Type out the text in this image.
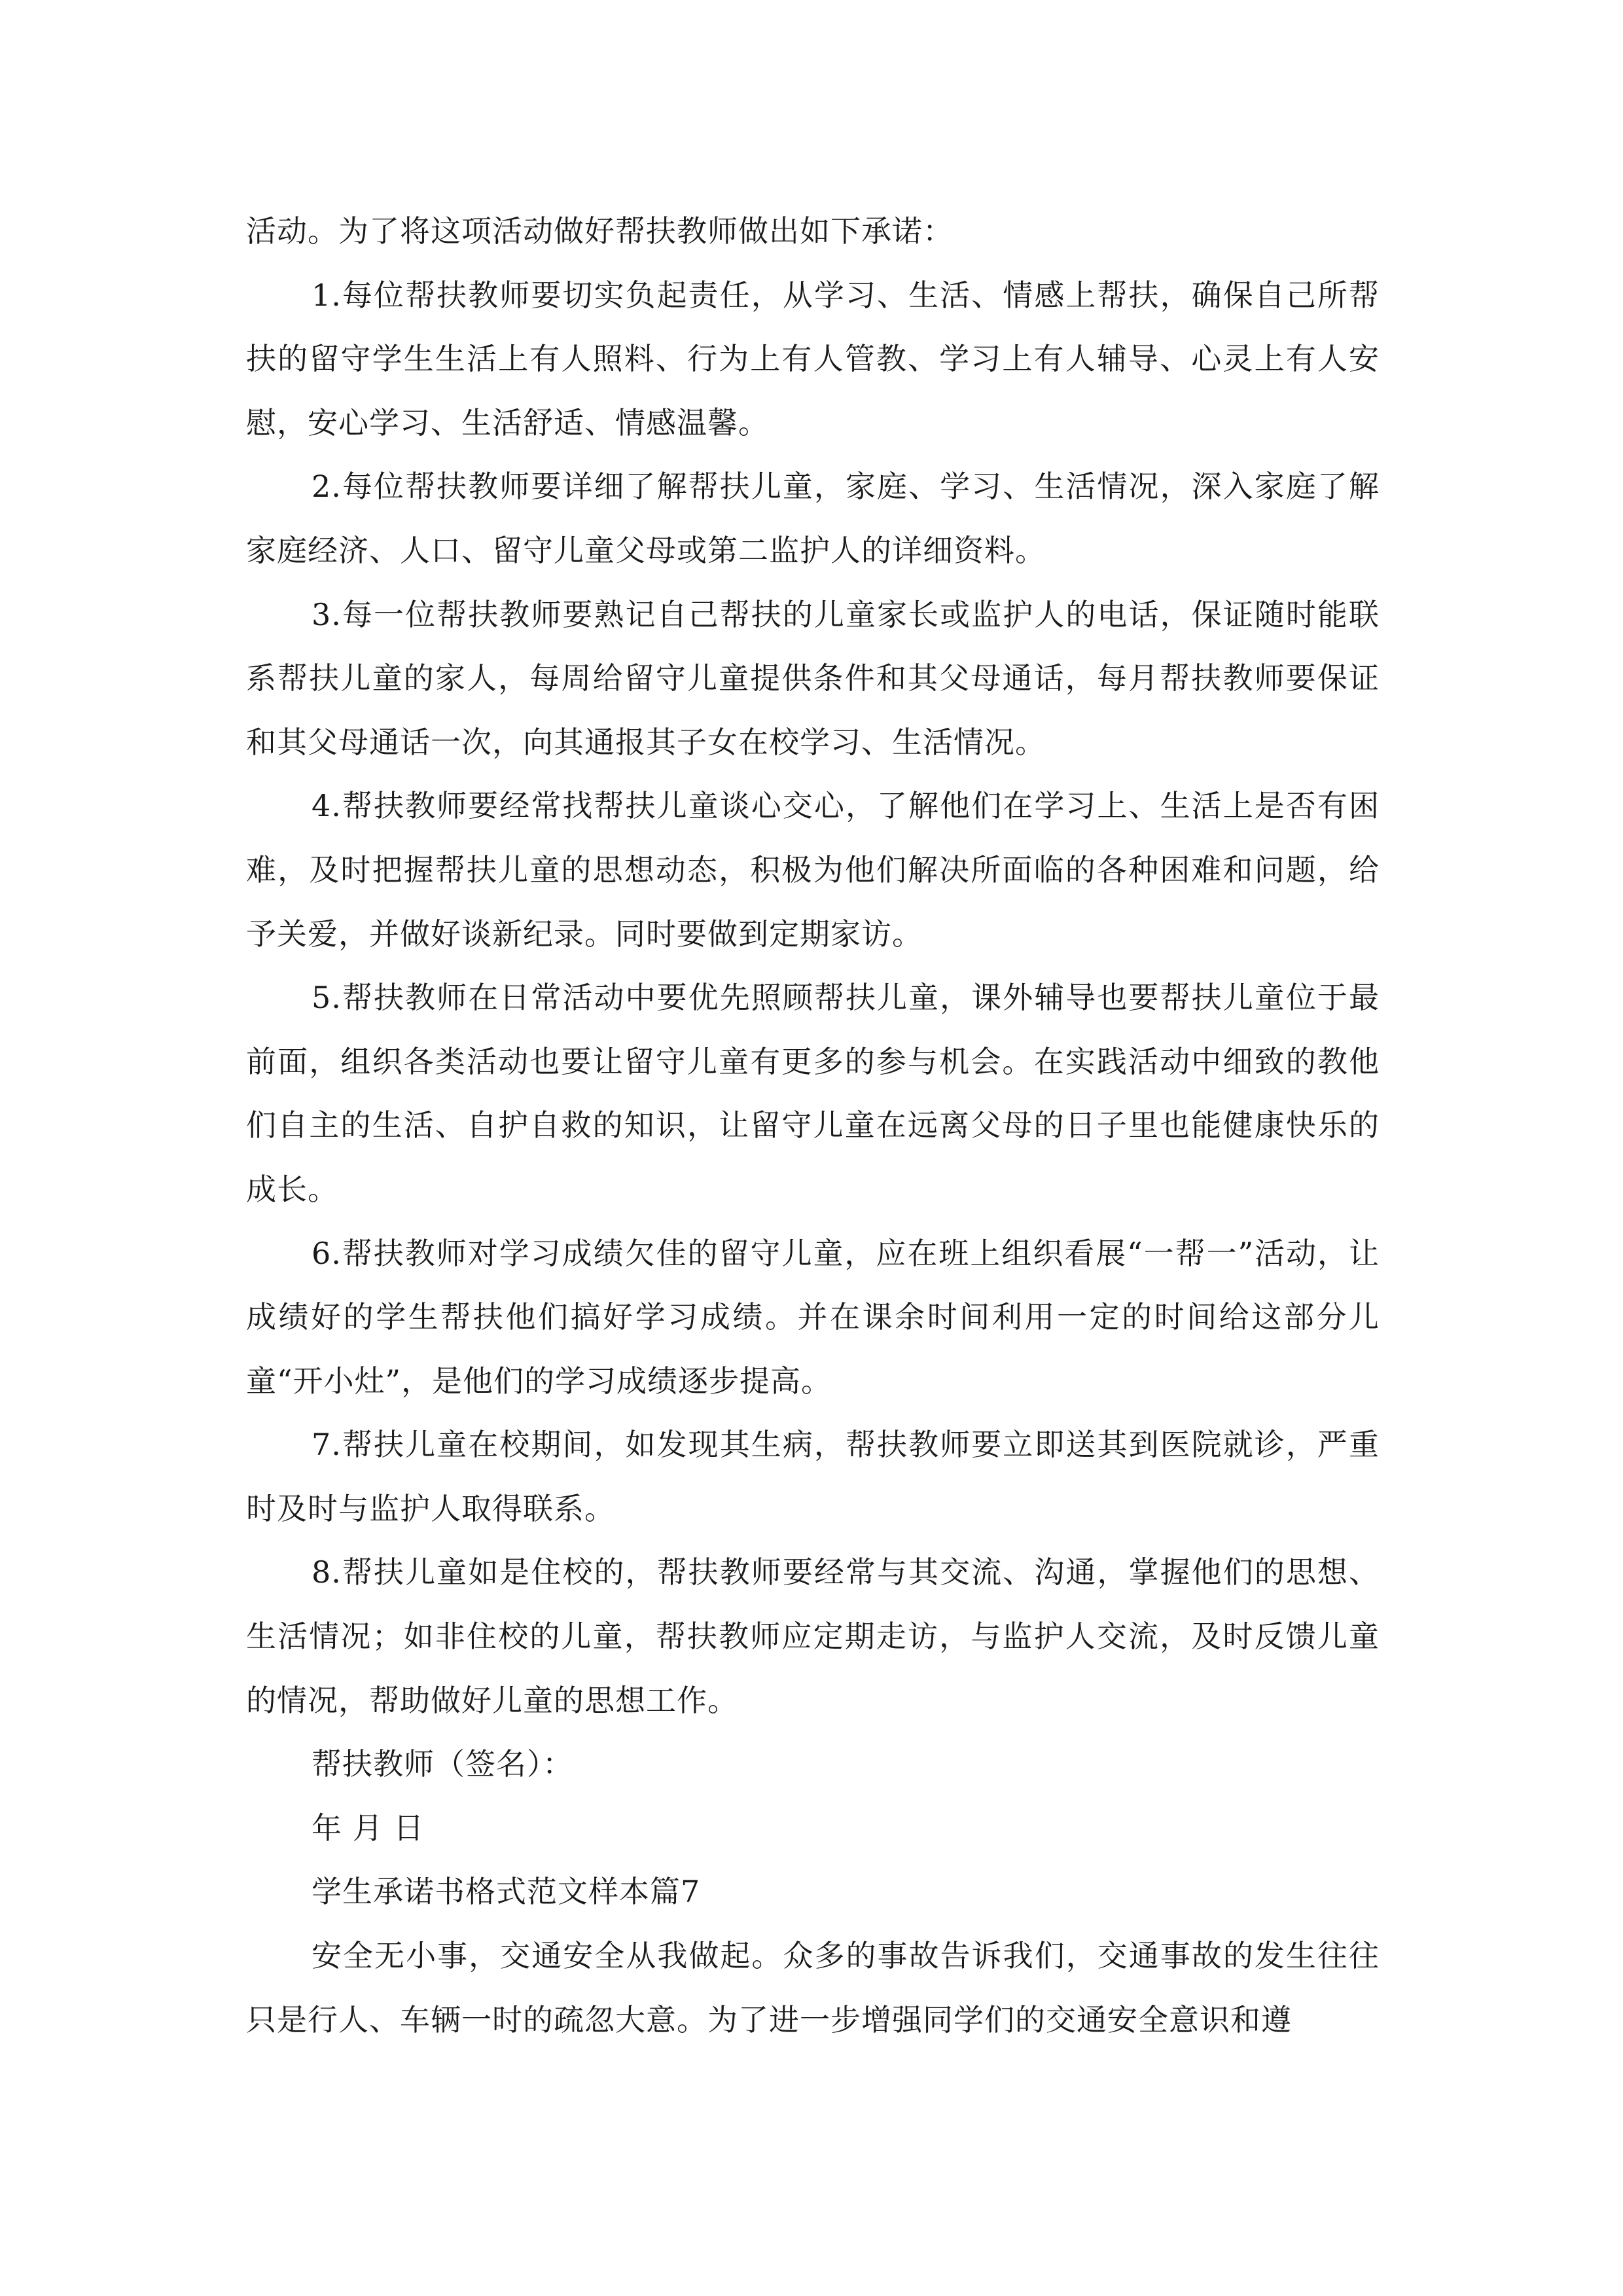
活动。为了将这项活动做好帮扶教师做出如下承诺：

1.每位帮扶教师要切实负起责任，从学习、生活、情感上帮扶，确保自己所帮扶的留守学生生活上有人照料、行为上有人管教、学习上有人辅导、心灵上有人安慰，安心学习、生活舒适、情感温馨。

2.每位帮扶教师要详细了解帮扶儿童，家庭、学习、生活情况，深入家庭了解家庭经济、人口、留守儿童父母或第二监护人的详细资料。

3.每一位帮扶教师要熟记自己帮扶的儿童家长或监护人的电话，保证随时能联系帮扶儿童的家人，每周给留守儿童提供条件和其父母通话，每月帮扶教师要保证和其父母通话一次，向其通报其子女在校学习、生活情况。

4.帮扶教师要经常找帮扶儿童谈心交心，了解他们在学习上、生活上是否有困难，及时把握帮扶儿童的思想动态，积极为他们解决所面临的各种困难和问题，给予关爱，并做好谈新纪录。同时要做到定期家访。

5.帮扶教师在日常活动中要优先照顾帮扶儿童，课外辅导也要帮扶儿童位于最前面，组织各类活动也要让留守儿童有更多的参与机会。在实践活动中细致的教他们自主的生活、自护自救的知识，让留守儿童在远离父母的日子里也能健康快乐的成长。

6.帮扶教师对学习成绩欠佳的留守儿童，应在班上组织看展“一帮一”活动，让成绩好的学生帮扶他们搞好学习成绩。并在课余时间利用一定的时间给这部分儿童“开小灶”，是他们的学习成绩逐步提高。

7.帮扶儿童在校期间，如发现其生病，帮扶教师要立即送其到医院就诊，严重时及时与监护人取得联系。

8.帮扶儿童如是住校的，帮扶教师要经常与其交流、沟通，掌握他们的思想、生活情况；如非住校的儿童，帮扶教师应定期走访，与监护人交流，及时反馈儿童的情况，帮助做好儿童的思想工作。

帮扶教师（签名）：

年 月 日

学生承诺书格式范文样本篇7

安全无小事，交通安全从我做起。众多的事故告诉我们，交通事故的发生往往只是行人、车辆一时的疏忽大意。为了进一步增强同学们的交通安全意识和遵
